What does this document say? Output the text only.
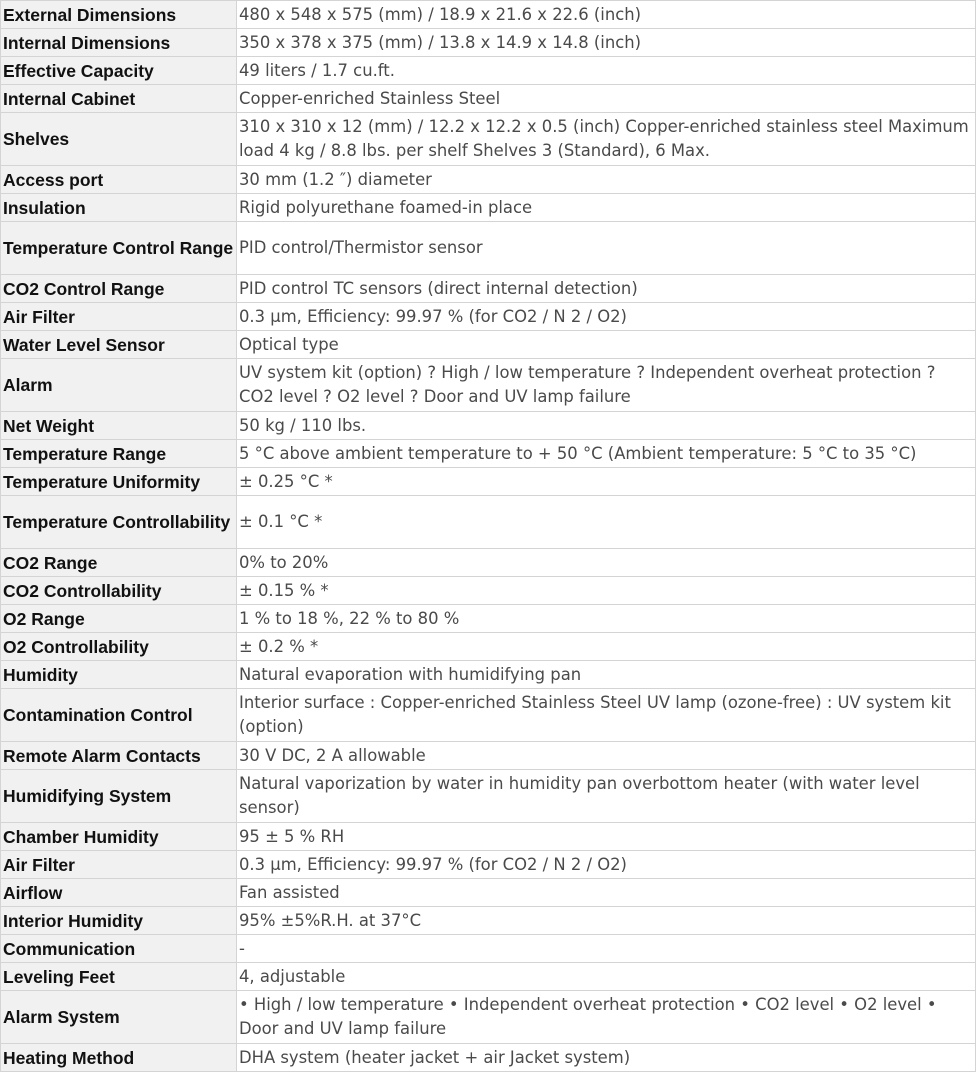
External Dimensions	480 x 548 x 575 (mm) / 18.9 x 21.6 x 22.6 (inch)
Internal Dimensions	350 x 378 x 375 (mm) / 13.8 x 14.9 x 14.8 (inch)
Effective Capacity	49 liters / 1.7 cu.ft.
Internal Cabinet	Copper-enriched Stainless Steel
Shelves	310 x 310 x 12 (mm) / 12.2 x 12.2 x 0.5 (inch) Copper-enriched stainless steel Maximum load 4 kg / 8.8 lbs. per shelf Shelves 3 (Standard), 6 Max.
Access port	30 mm (1.2 ″) diameter
Insulation	Rigid polyurethane foamed-in place
Temperature Control Range	PID control/Thermistor sensor
CO2 Control Range	PID control TC sensors (direct internal detection)
Air Filter	0.3 µm, Efficiency: 99.97 % (for CO2 / N 2 / O2)
Water Level Sensor	Optical type
Alarm	UV system kit (option) ? High / low temperature ? Independent overheat protection ? CO2 level ? O2 level ? Door and UV lamp failure
Net Weight	50 kg / 110 lbs.
Temperature Range	5 °C above ambient temperature to + 50 °C (Ambient temperature: 5 °C to 35 °C)
Temperature Uniformity	± 0.25 °C *
Temperature Controllability	± 0.1 °C *
CO2 Range	0% to 20%
CO2 Controllability	± 0.15 % *
O2 Range	1 % to 18 %, 22 % to 80 %
O2 Controllability	± 0.2 % *
Humidity	Natural evaporation with humidifying pan
Contamination Control	Interior surface : Copper-enriched Stainless Steel UV lamp (ozone-free) : UV system kit (option)
Remote Alarm Contacts	30 V DC, 2 A allowable
Humidifying System	Natural vaporization by water in humidity pan overbottom heater (with water level sensor)
Chamber Humidity	95 ± 5 % RH
Air Filter	0.3 µm, Efficiency: 99.97 % (for CO2 / N 2 / O2)
Airflow	Fan assisted
Interior Humidity	95% ±5%R.H. at 37°C
Communication	-
Leveling Feet	4, adjustable
Alarm System	• High / low temperature • Independent overheat protection • CO2 level • O2 level • Door and UV lamp failure
Heating Method	DHA system (heater jacket + air Jacket system)
